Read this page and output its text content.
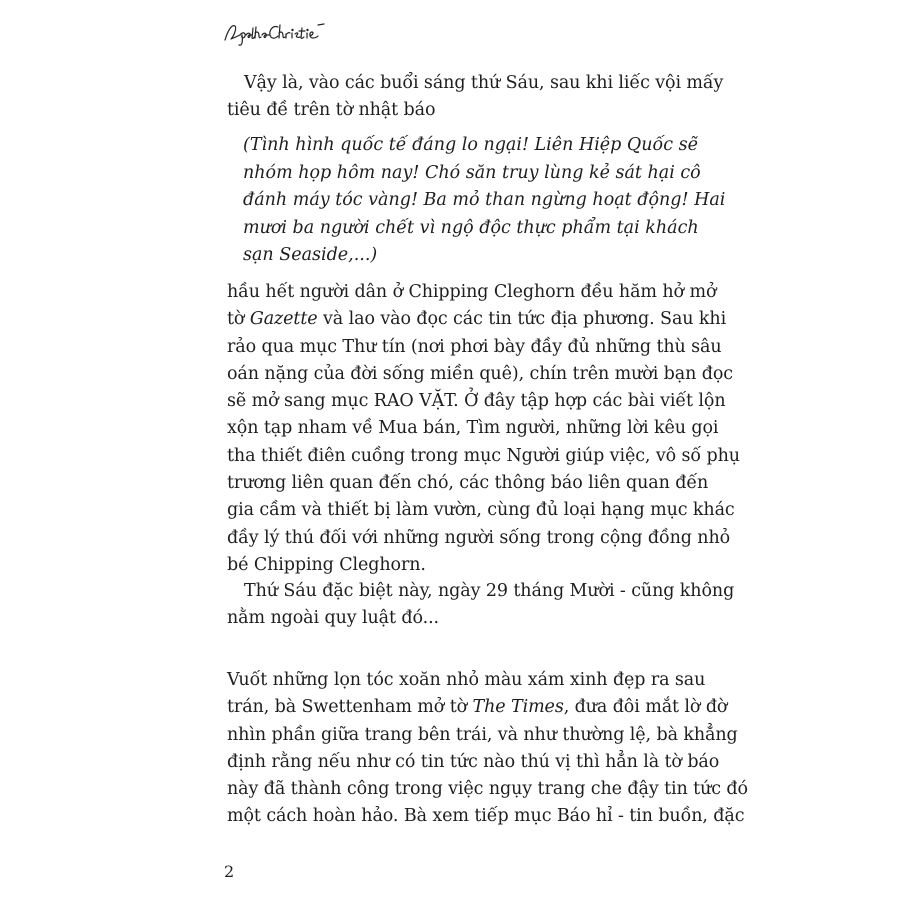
Vậy là, vào các buổi sáng thứ Sáu, sau khi liếc vội mấy
tiêu đề trên tờ nhật báo

(Tình hình quốc tế đáng lo ngại! Liên Hiệp Quốc sẽ
nhóm họp hôm nay! Chó săn truy lùng kẻ sát hại cô
đánh máy tóc vàng! Ba mỏ than ngừng hoạt động! Hai
mươi ba người chết vì ngộ độc thực phẩm tại khách
sạn Seaside,...)

hầu hết người dân ở Chipping Cleghorn đều hăm hở mở
tờ Gazette và lao vào đọc các tin tức địa phương. Sau khi
rảo qua mục Thư tín (nơi phơi bày đầy đủ những thù sâu
oán nặng của đời sống miền quê), chín trên mười bạn đọc
sẽ mở sang mục RAO VẶT. Ở đây tập hợp các bài viết lộn
xộn tạp nham về Mua bán, Tìm người, những lời kêu gọi
tha thiết điên cuồng trong mục Người giúp việc, vô số phụ
trương liên quan đến chó, các thông báo liên quan đến
gia cầm và thiết bị làm vườn, cùng đủ loại hạng mục khác
đầy lý thú đối với những người sống trong cộng đồng nhỏ
bé Chipping Cleghorn.

Thứ Sáu đặc biệt này, ngày 29 tháng Mười - cũng không
nằm ngoài quy luật đó...

Vuốt những lọn tóc xoăn nhỏ màu xám xinh đẹp ra sau
trán, bà Swettenham mở tờ The Times, đưa đôi mắt lờ đờ
nhìn phần giữa trang bên trái, và như thường lệ, bà khẳng
định rằng nếu như có tin tức nào thú vị thì hẳn là tờ báo
này đã thành công trong việc ngụy trang che đậy tin tức đó
một cách hoàn hảo. Bà xem tiếp mục Báo hỉ - tin buồn, đặc

2
